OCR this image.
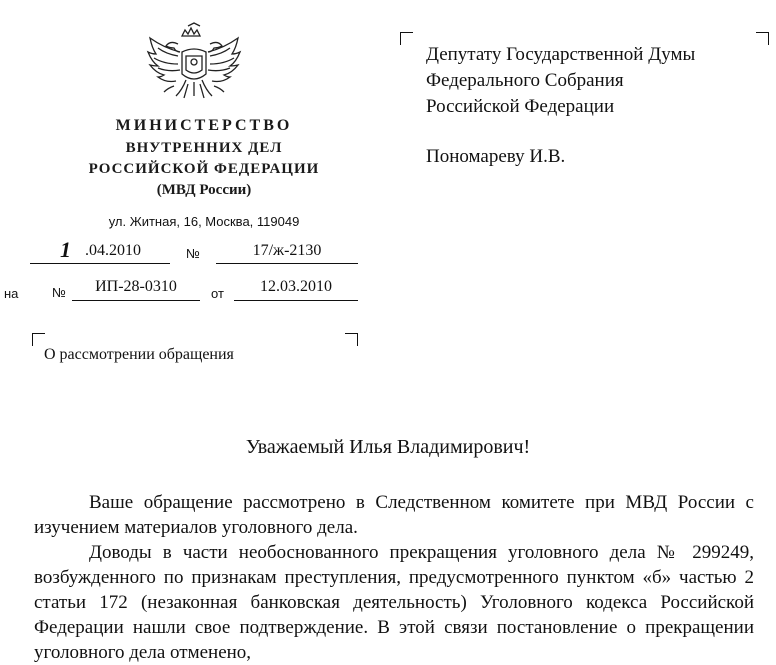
МИНИСТЕРСТВО
ВНУТРЕННИХ ДЕЛ
РОССИЙСКОЙ ФЕДЕРАЦИИ
(МВД России)
ул. Житная, 16, Москва, 119049
1 .04.2010	№	17/ж-2130
на	№	ИП-28-0310	от	12.03.2010
О рассмотрении обращения
Депутату Государственной Думы
Федерального Собрания
Российской Федерации
Пономареву И.В.
Уважаемый Илья Владимирович!
Ваше обращение рассмотрено в Следственном комитете при МВД России с изучением материалов уголовного дела.
Доводы в части необоснованного прекращения уголовного дела № 299249, возбужденного по признакам преступления, предусмотренного пунктом «б» частью 2 статьи 172 (незаконная банковская деятельность) Уголовного кодекса Российской Федерации нашли свое подтверждение. В этой связи постановление о прекращении уголовного дела отменено,
